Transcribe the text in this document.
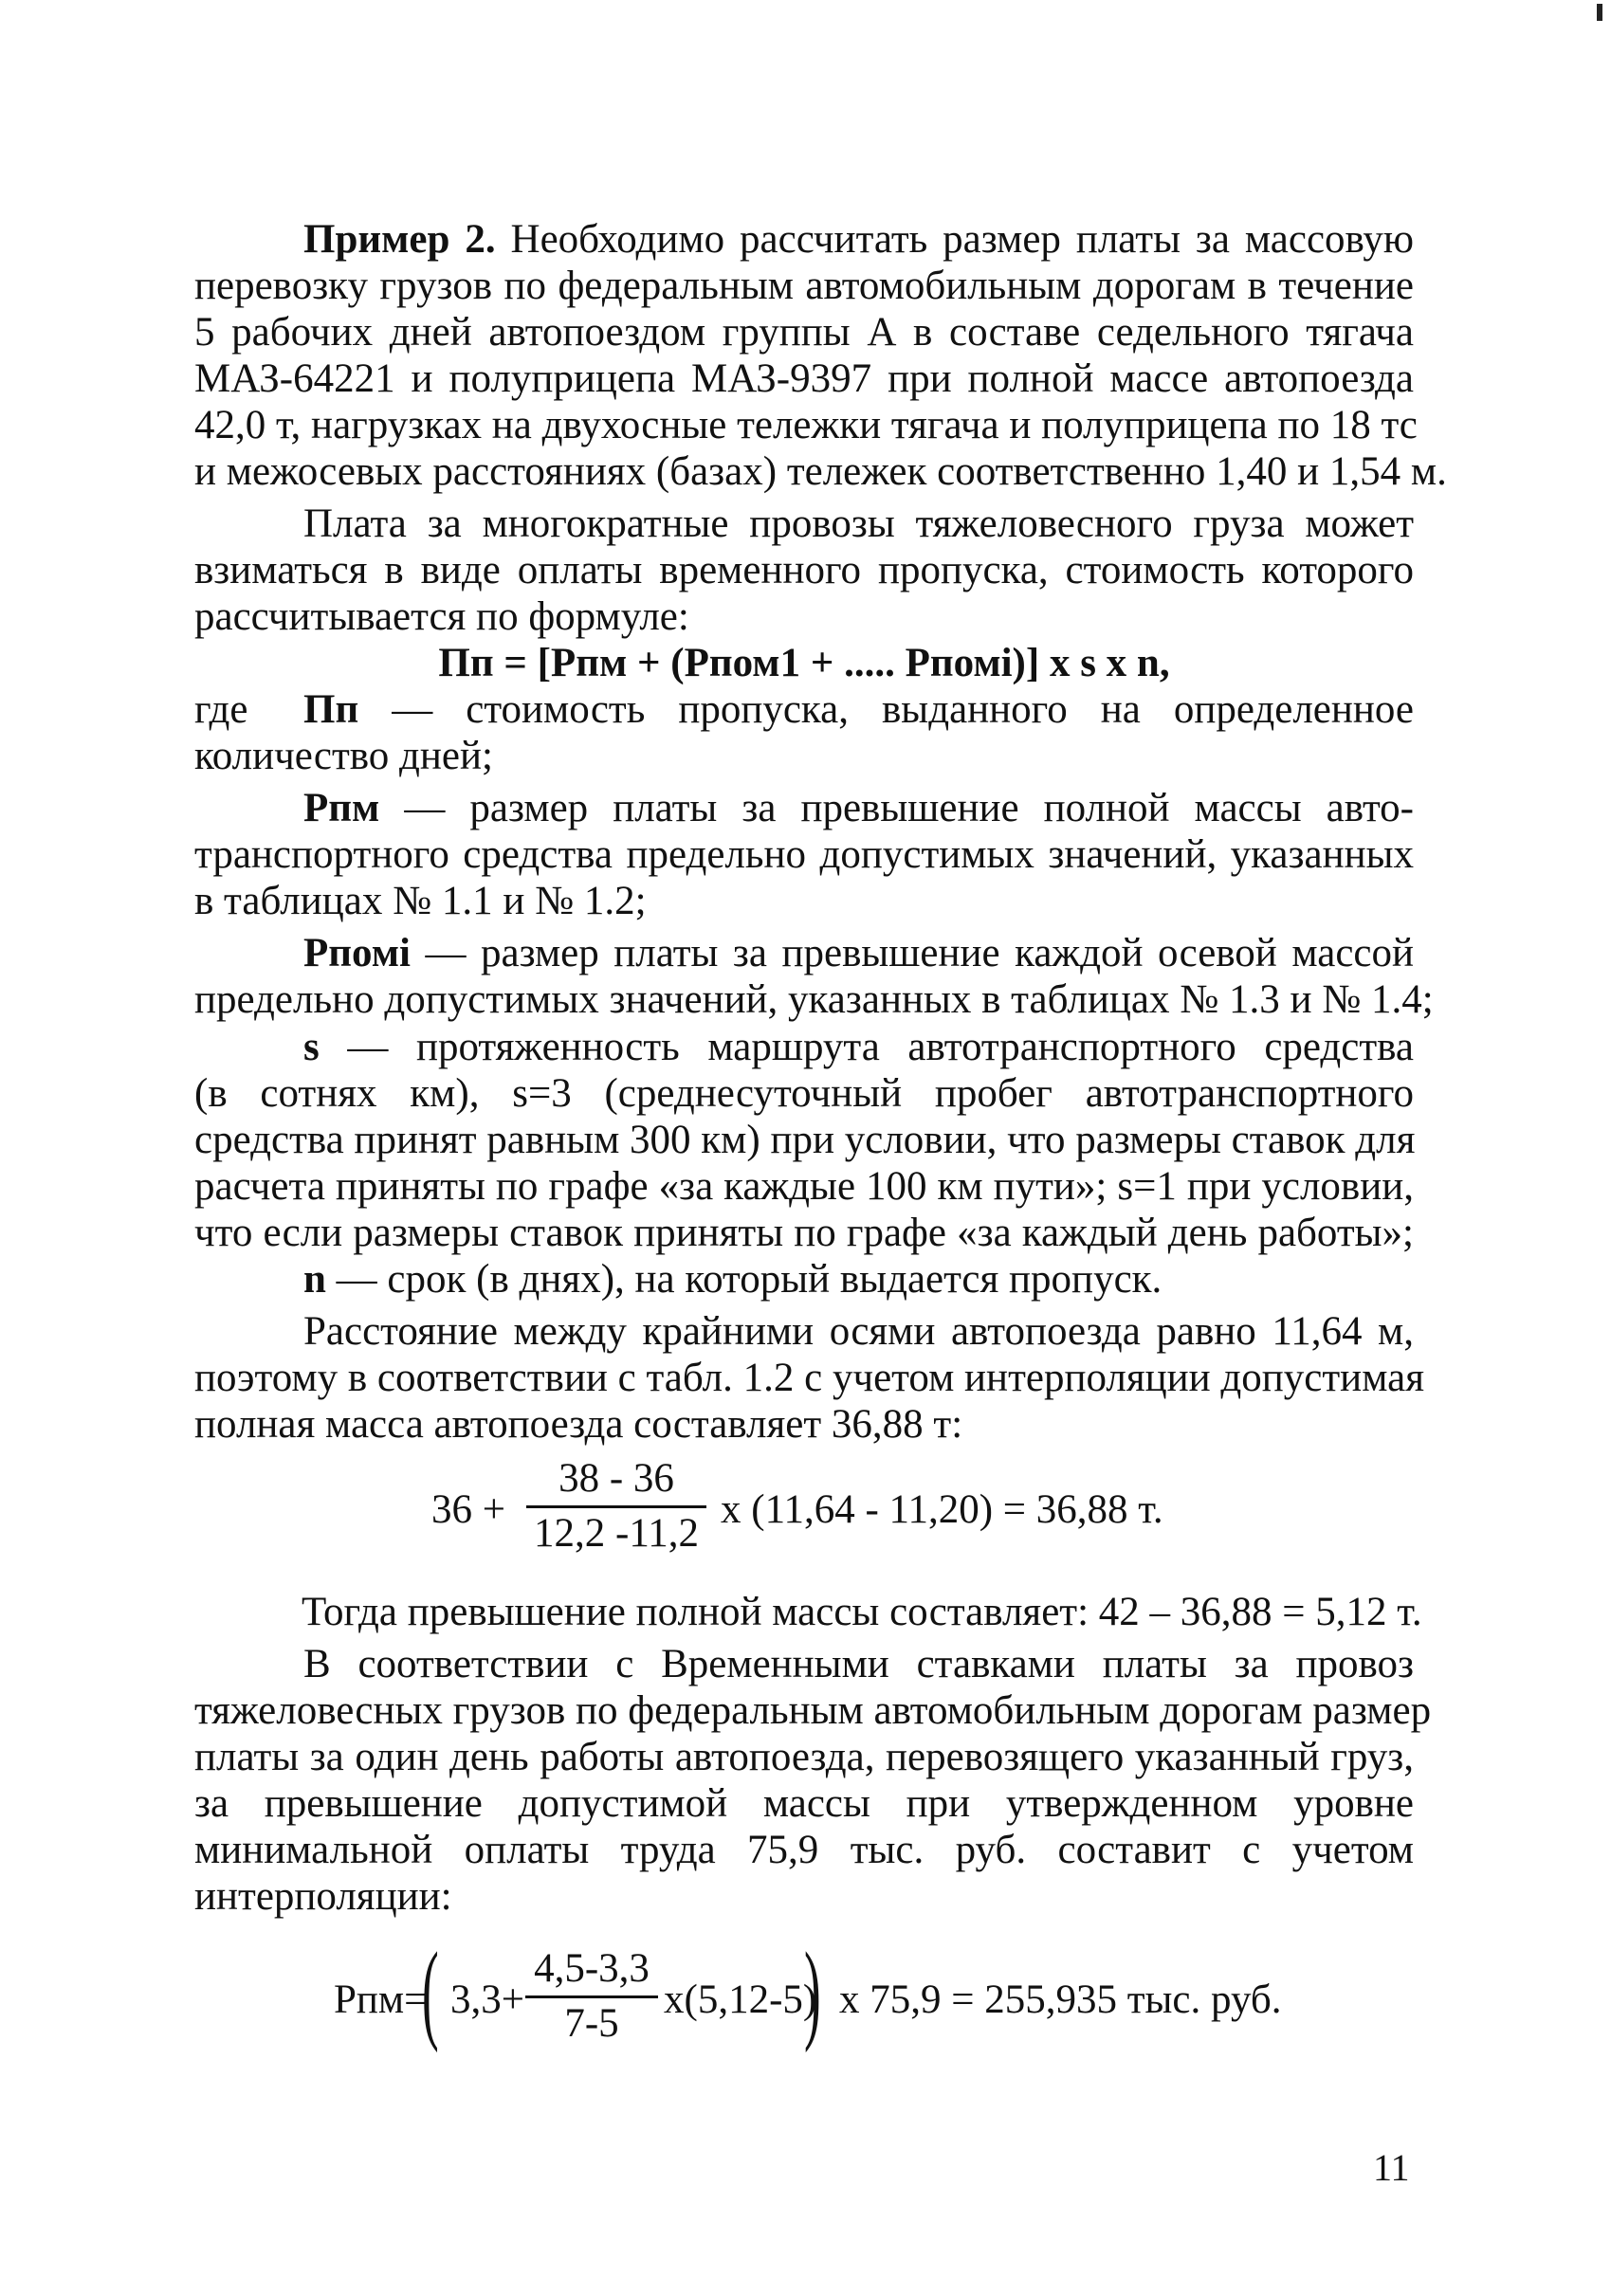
Пример 2. Необходимо рассчитать размер платы за массовую
перевозку грузов по федеральным автомобильным дорогам в течение
5 рабочих дней автопоездом группы А в составе седельного тягача
МАЗ-64221 и полуприцепа МАЗ-9397 при полной массе автопоезда
42,0 т, нагрузках на двухосные тележки тягача и полуприцепа по 18 тс
и межосевых расстояниях (базах) тележек соответственно 1,40 и 1,54 м.
Плата за многократные провозы тяжеловесного груза может
взиматься в виде оплаты временного пропуска, стоимость которого
рассчитывается по формуле:
Пп = [Рпм + (Рпом1 + ..... Рпомі)] x s x n,
где Пп — стоимость пропуска, выданного на определенное
количество дней;
Рпм — размер платы за превышение полной массы авто-
транспортного средства предельно допустимых значений, указанных
в таблицах № 1.1 и № 1.2;
Рпомі — размер платы за превышение каждой осевой массой
предельно допустимых значений, указанных в таблицах № 1.3 и № 1.4;
s — протяженность маршрута автотранспортного средства
(в сотнях км), s=3 (среднесуточный пробег автотранспортного
средства принят равным 300 км) при условии, что размеры ставок для
расчета приняты по графе «за каждые 100 км пути»; s=1 при условии,
что если размеры ставок приняты по графе «за каждый день работы»;
n — срок (в днях), на который выдается пропуск.
Расстояние между крайними осями автопоезда равно 11,64 м,
поэтому в соответствии с табл. 1.2 с учетом интерполяции допустимая
полная масса автопоезда составляет 36,88 т:
36 +
38 - 36
12,2 -11,2
x (11,64 - 11,20) = 36,88 т.
Тогда превышение полной массы составляет: 42 – 36,88 = 5,12 т.
В соответствии с Временными ставками платы за провоз
тяжеловесных грузов по федеральным автомобильным дорогам размер
платы за один день работы автопоезда, перевозящего указанный груз,
за превышение допустимой массы при утвержденном уровне
минимальной оплаты труда 75,9 тыс. руб. составит с учетом
интерполяции:
Рпм=
( 3,3+
4,5-3,3
7-5
x(5,12-5)
) x 75,9 = 255,935 тыс. руб.
11
